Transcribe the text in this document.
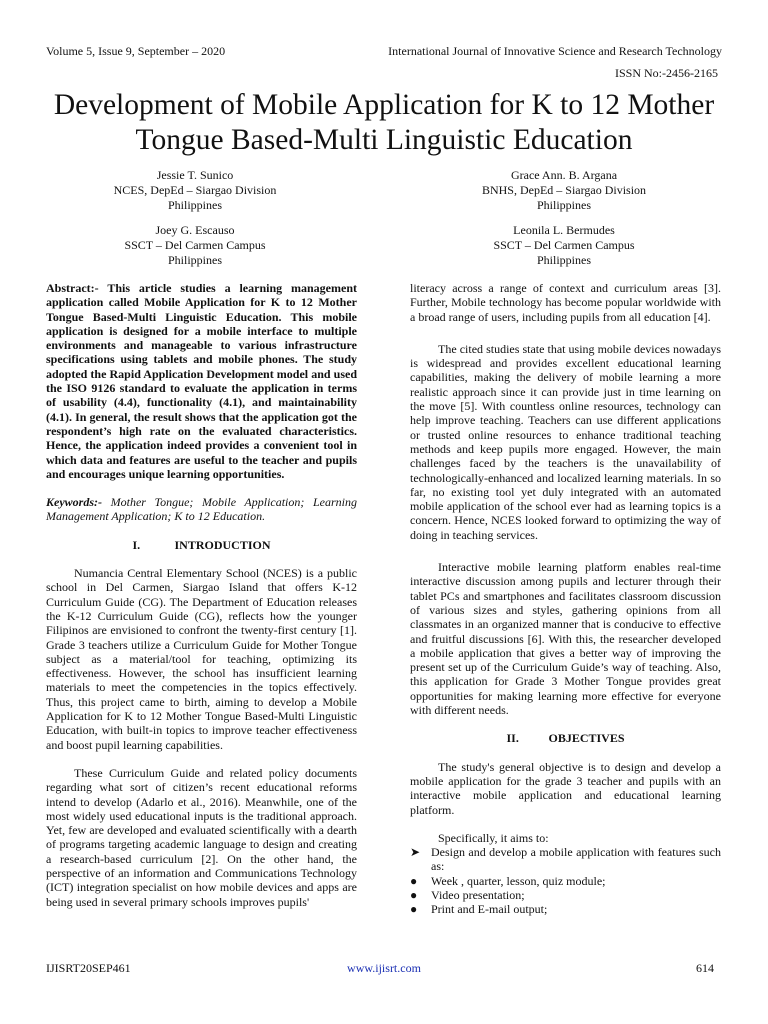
Volume 5, Issue 9, September – 2020	International Journal of Innovative Science and Research Technology
ISSN No:-2456-2165
Development of Mobile Application for K to 12 Mother Tongue Based-Multi Linguistic Education
Jessie T. Sunico
NCES, DepEd – Siargao Division
Philippines
Grace Ann. B. Argana
BNHS, DepEd – Siargao Division
Philippines
Joey G. Escauso
SSCT – Del Carmen Campus
Philippines
Leonila L. Bermudes
SSCT – Del Carmen Campus
Philippines

Abstract:- This article studies a learning management application called Mobile Application for K to 12 Mother Tongue Based-Multi Linguistic Education. This mobile application is designed for a mobile interface to multiple environments and manageable to various infrastructure specifications using tablets and mobile phones. The study adopted the Rapid Application Development model and used the ISO 9126 standard to evaluate the application in terms of usability (4.4), functionality (4.1), and maintainability (4.1). In general, the result shows that the application got the respondent’s high rate on the evaluated characteristics. Hence, the application indeed provides a convenient tool in which data and features are useful to the teacher and pupils and encourages unique learning opportunities.

Keywords:- Mother Tongue; Mobile Application; Learning Management Application; K to 12 Education.

I.	INTRODUCTION

Numancia Central Elementary School (NCES) is a public school in Del Carmen, Siargao Island that offers K-12 Curriculum Guide (CG). The Department of Education releases the K-12 Curriculum Guide (CG), reflects how the younger Filipinos are envisioned to confront the twenty-first century [1]. Grade 3 teachers utilize a Curriculum Guide for Mother Tongue subject as a material/tool for teaching, optimizing its effectiveness. However, the school has insufficient learning materials to meet the competencies in the topics effectively. Thus, this project came to birth, aiming to develop a Mobile Application for K to 12 Mother Tongue Based-Multi Linguistic Education, with built-in topics to improve teacher effectiveness and boost pupil learning capabilities.

These Curriculum Guide and related policy documents regarding what sort of citizen’s recent educational reforms intend to develop (Adarlo et al., 2016). Meanwhile, one of the most widely used educational inputs is the traditional approach. Yet, few are developed and evaluated scientifically with a dearth of programs targeting academic language to design and creating a research-based curriculum [2]. On the other hand, the perspective of an information and Communications Technology (ICT) integration specialist on how mobile devices and apps are being used in several primary schools improves pupils'

literacy across a range of context and curriculum areas [3]. Further, Mobile technology has become popular worldwide with a broad range of users, including pupils from all education [4].

The cited studies state that using mobile devices nowadays is widespread and provides excellent educational learning capabilities, making the delivery of mobile learning a more realistic approach since it can provide just in time learning on the move [5]. With countless online resources, technology can help improve teaching. Teachers can use different applications or trusted online resources to enhance traditional teaching methods and keep pupils more engaged. However, the main challenges faced by the teachers is the unavailability of technologically-enhanced and localized learning materials. In so far, no existing tool yet duly integrated with an automated mobile application of the school ever had as learning topics is a concern. Hence, NCES looked forward to optimizing the way of doing in teaching services.

Interactive mobile learning platform enables real-time interactive discussion among pupils and lecturer through their tablet PCs and smartphones and facilitates classroom discussion of various sizes and styles, gathering opinions from all classmates in an organized manner that is conducive to effective and fruitful discussions [6]. With this, the researcher developed a mobile application that gives a better way of improving the present set up of the Curriculum Guide’s way of teaching. Also, this application for Grade 3 Mother Tongue provides great opportunities for making learning more effective for everyone with different needs.

II. OBJECTIVES

The study's general objective is to design and develop a mobile application for the grade 3 teacher and pupils with an interactive mobile application and educational learning platform.

Specifically, it aims to:

➤ Design and develop a mobile application with features such as:
●	Week , quarter, lesson, quiz module;
●	Video presentation;
●	Print and E-mail output;
IJISRT20SEP461	www.ijisrt.com	614
